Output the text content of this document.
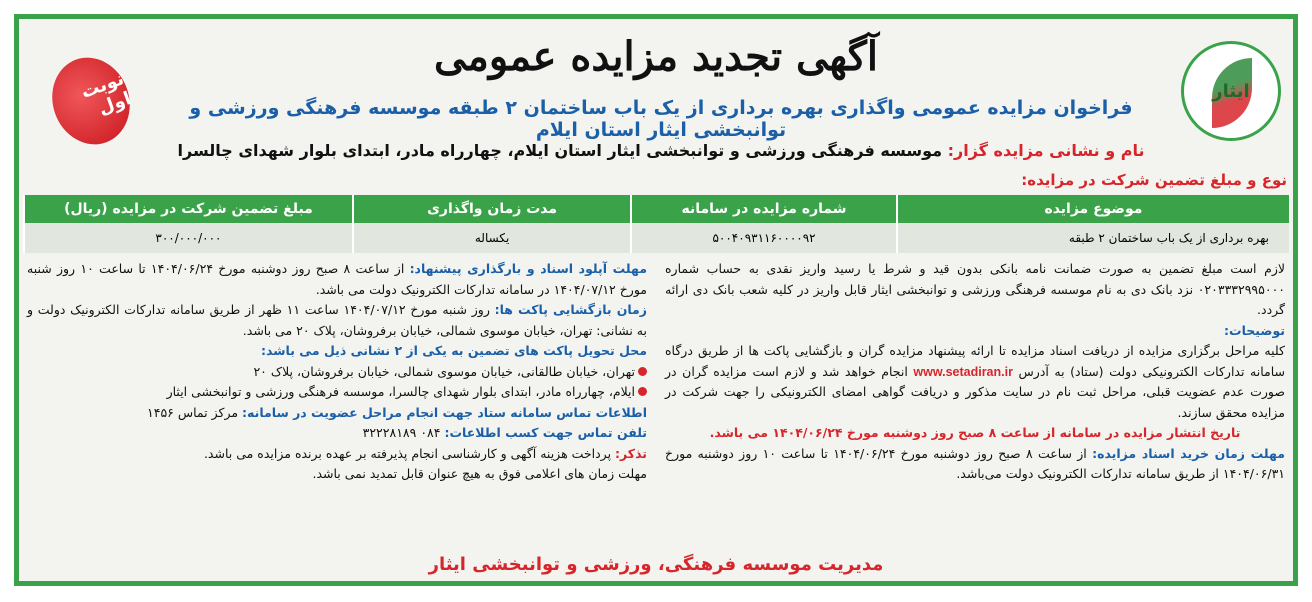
ایثار
نوبت اول
آگهی تجدید مزایده عمومی
فراخوان مزایده عمومی واگذاری بهره برداری از یک باب ساختمان ۲ طبقه موسسه فرهنگی ورزشی و توانبخشی ایثار استان ایلام
نام و نشانی مزایده گزار: موسسه فرهنگی ورزشی و توانبخشی ایثار استان ایلام، چهارراه مادر، ابتدای بلوار شهدای چالسرا
نوع و مبلغ تضمین شرکت در مزایده:
موضوع مزایده	شماره مزایده در سامانه	مدت زمان واگذاری	مبلغ تضمین شرکت در مزایده (ریال)
بهره برداری از یک باب ساختمان ۲ طبقه	۵۰۰۴۰۹۳۱۱۶۰۰۰۰۹۲	یکساله	۳۰۰/۰۰۰/۰۰۰
لازم است مبلغ تضمین به صورت ضمانت نامه بانکی بدون قید و شرط یا رسید واریز نقدی به حساب شماره ۰۲۰۳۳۳۲۹۹۵۰۰۰ نزد بانک دی به نام موسسه فرهنگی ورزشی و توانبخشی ایثار قابل واریز در کلیه شعب بانک دی ارائه گردد.
توضیحات:
کلیه مراحل برگزاری مزایده از دریافت اسناد مزایده تا ارائه پیشنهاد مزایده گران و بازگشایی پاکت ها از طریق درگاه سامانه تدارکات الکترونیکی دولت (ستاد) به آدرس www.setadiran.ir انجام خواهد شد و لازم است مزایده گران در صورت عدم عضویت قبلی، مراحل ثبت نام در سایت مذکور و دریافت گواهی امضای الکترونیکی را جهت شرکت در مزایده محقق سازند.
تاریخ انتشار مزایده در سامانه از ساعت ۸ صبح روز دوشنبه مورخ ۱۴۰۴/۰۶/۲۴ می باشد.
مهلت زمان خرید اسناد مزایده: از ساعت ۸ صبح روز دوشنبه مورخ ۱۴۰۴/۰۶/۲۴ تا ساعت ۱۰ روز دوشنبه مورخ ۱۴۰۴/۰۶/۳۱ از طریق سامانه تدارکات الکترونیک دولت می‌باشد.
مهلت آپلود اسناد و بارگذاری پیشنهاد: از ساعت ۸ صبح روز دوشنبه مورخ ۱۴۰۴/۰۶/۲۴ تا ساعت ۱۰ روز شنبه مورخ ۱۴۰۴/۰۷/۱۲ در سامانه تدارکات الکترونیک دولت می باشد.
زمان بازگشایی پاکت ها: روز شنبه مورخ ۱۴۰۴/۰۷/۱۲ ساعت ۱۱ ظهر از طریق سامانه تدارکات الکترونیک دولت و به نشانی: تهران، خیابان موسوی شمالی، خیابان برفروشان، پلاک ۲۰ می باشد.
محل تحویل پاکت های تضمین به یکی از ۲ نشانی ذیل می باشد:
تهران، خیابان طالقانی، خیابان موسوی شمالی، خیابان برفروشان، پلاک ۲۰
ایلام، چهارراه مادر، ابتدای بلوار شهدای چالسرا، موسسه فرهنگی ورزشی و توانبخشی ایثار
اطلاعات تماس سامانه ستاد جهت انجام مراحل عضویت در سامانه: مرکز تماس ۱۴۵۶
تلفن تماس جهت کسب اطلاعات: ۰۸۴ ۳۲۲۲۸۱۸۹
تذکر: پرداخت هزینه آگهی و کارشناسی انجام پذیرفته بر عهده برنده مزایده می باشد.
مهلت زمان های اعلامی فوق به هیچ عنوان قابل تمدید نمی باشد.
مدیریت موسسه فرهنگی، ورزشی و توانبخشی ایثار
